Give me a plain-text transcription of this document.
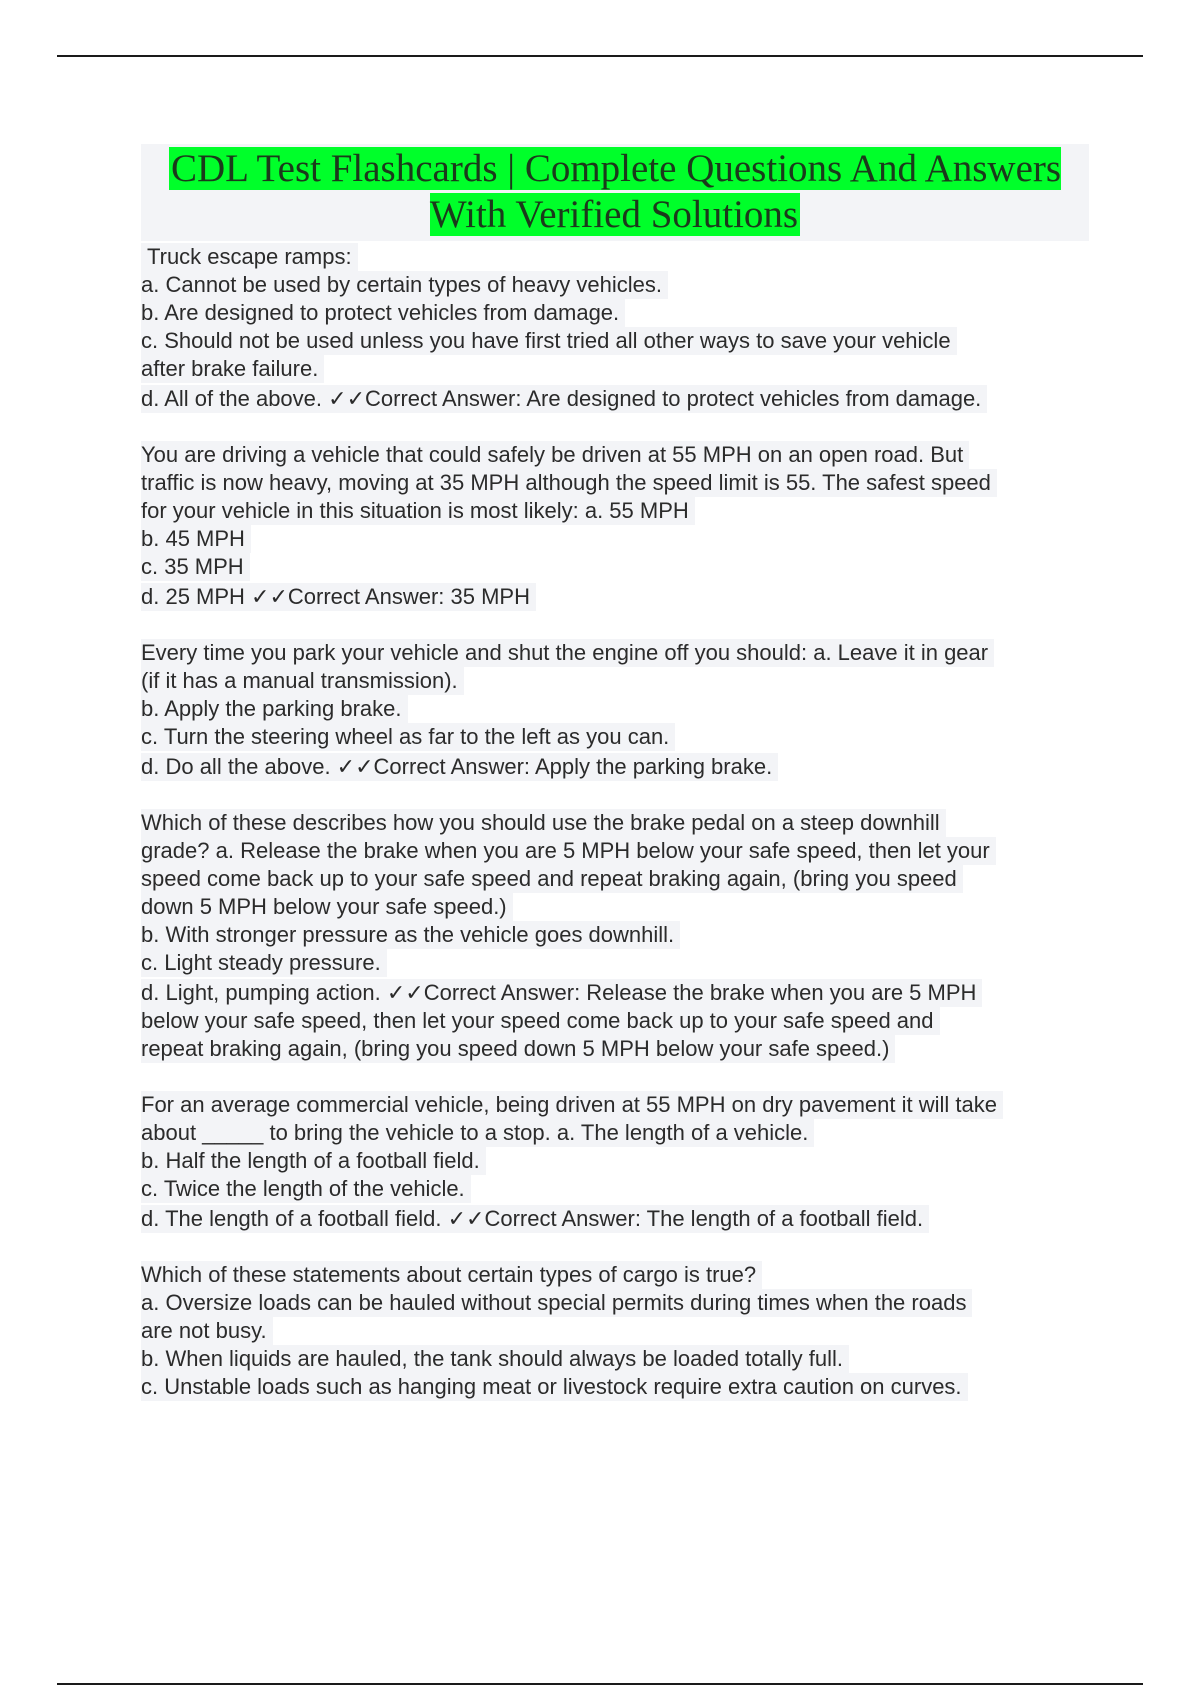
CDL Test Flashcards | Complete Questions And Answers With Verified Solutions
Truck escape ramps:
a. Cannot be used by certain types of heavy vehicles.
b. Are designed to protect vehicles from damage.
c. Should not be used unless you have first tried all other ways to save your vehicle
after brake failure.
d. All of the above. ✓✓Correct Answer: Are designed to protect vehicles from damage.
You are driving a vehicle that could safely be driven at 55 MPH on an open road. But
traffic is now heavy, moving at 35 MPH although the speed limit is 55. The safest speed
for your vehicle in this situation is most likely: a. 55 MPH
b. 45 MPH
c. 35 MPH
d. 25 MPH ✓✓Correct Answer: 35 MPH
Every time you park your vehicle and shut the engine off you should: a. Leave it in gear
(if it has a manual transmission).
b. Apply the parking brake.
c. Turn the steering wheel as far to the left as you can.
d. Do all the above. ✓✓Correct Answer: Apply the parking brake.
Which of these describes how you should use the brake pedal on a steep downhill
grade? a. Release the brake when you are 5 MPH below your safe speed, then let your
speed come back up to your safe speed and repeat braking again, (bring you speed
down 5 MPH below your safe speed.)
b. With stronger pressure as the vehicle goes downhill.
c. Light steady pressure.
d. Light, pumping action. ✓✓Correct Answer: Release the brake when you are 5 MPH
below your safe speed, then let your speed come back up to your safe speed and
repeat braking again, (bring you speed down 5 MPH below your safe speed.)
For an average commercial vehicle, being driven at 55 MPH on dry pavement it will take
about _____ to bring the vehicle to a stop. a. The length of a vehicle.
b. Half the length of a football field.
c. Twice the length of the vehicle.
d. The length of a football field. ✓✓Correct Answer: The length of a football field.
Which of these statements about certain types of cargo is true?
a. Oversize loads can be hauled without special permits during times when the roads
are not busy.
b. When liquids are hauled, the tank should always be loaded totally full.
c. Unstable loads such as hanging meat or livestock require extra caution on curves.
